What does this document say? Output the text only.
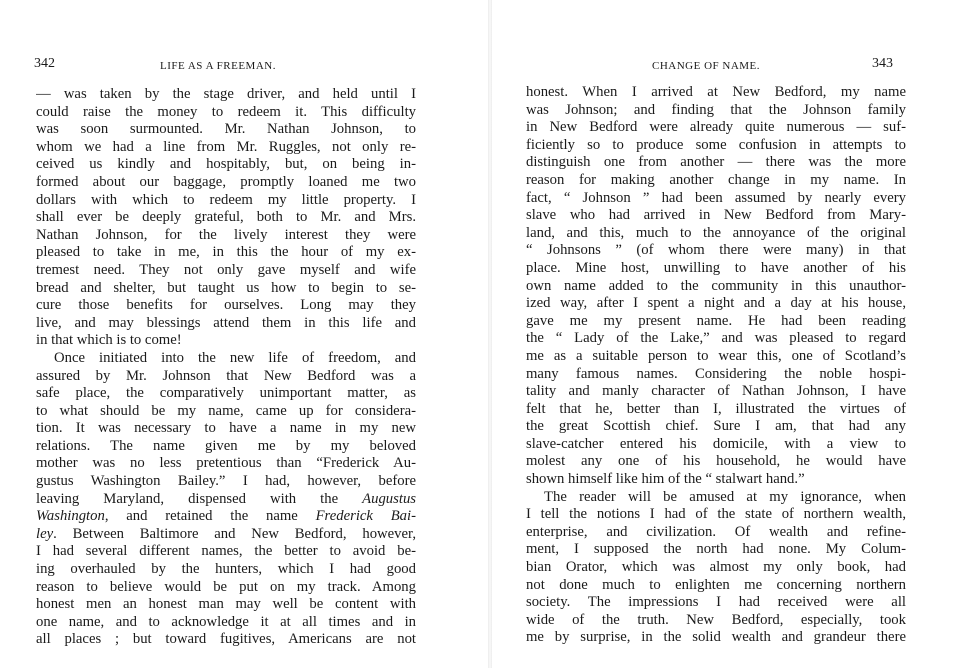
342	LIFE AS A FREEMAN.
— was taken by the stage driver, and held until I
could raise the money to redeem it. This difficulty
was soon surmounted. Mr. Nathan Johnson, to
whom we had a line from Mr. Ruggles, not only re-
ceived us kindly and hospitably, but, on being in-
formed about our baggage, promptly loaned me two
dollars with which to redeem my little property. I
shall ever be deeply grateful, both to Mr. and Mrs.
Nathan Johnson, for the lively interest they were
pleased to take in me, in this the hour of my ex-
tremest need. They not only gave myself and wife
bread and shelter, but taught us how to begin to se-
cure those benefits for ourselves. Long may they
live, and may blessings attend them in this life and
in that which is to come!
Once initiated into the new life of freedom, and
assured by Mr. Johnson that New Bedford was a
safe place, the comparatively unimportant matter, as
to what should be my name, came up for considera-
tion. It was necessary to have a name in my new
relations. The name given me by my beloved
mother was no less pretentious than “Frederick Au-
gustus Washington Bailey.” I had, however, before
leaving Maryland, dispensed with the Augustus
Washington, and retained the name Frederick Bai-
ley. Between Baltimore and New Bedford, however,
I had several different names, the better to avoid be-
ing overhauled by the hunters, which I had good
reason to believe would be put on my track. Among
honest men an honest man may well be content with
one name, and to acknowledge it at all times and in
all places ; but toward fugitives, Americans are not
CHANGE OF NAME.	343
honest. When I arrived at New Bedford, my name
was Johnson; and finding that the Johnson family
in New Bedford were already quite numerous — suf-
ficiently so to produce some confusion in attempts to
distinguish one from another — there was the more
reason for making another change in my name. In
fact, “ Johnson ” had been assumed by nearly every
slave who had arrived in New Bedford from Mary-
land, and this, much to the annoyance of the original
“ Johnsons ” (of whom there were many) in that
place. Mine host, unwilling to have another of his
own name added to the community in this unauthor-
ized way, after I spent a night and a day at his house,
gave me my present name. He had been reading
the “ Lady of the Lake,” and was pleased to regard
me as a suitable person to wear this, one of Scotland’s
many famous names. Considering the noble hospi-
tality and manly character of Nathan Johnson, I have
felt that he, better than I, illustrated the virtues of
the great Scottish chief. Sure I am, that had any
slave-catcher entered his domicile, with a view to
molest any one of his household, he would have
shown himself like him of the “ stalwart hand.”
The reader will be amused at my ignorance, when
I tell the notions I had of the state of northern wealth,
enterprise, and civilization. Of wealth and refine-
ment, I supposed the north had none. My Colum-
bian Orator, which was almost my only book, had
not done much to enlighten me concerning northern
society. The impressions I had received were all
wide of the truth. New Bedford, especially, took
me by surprise, in the solid wealth and grandeur there
